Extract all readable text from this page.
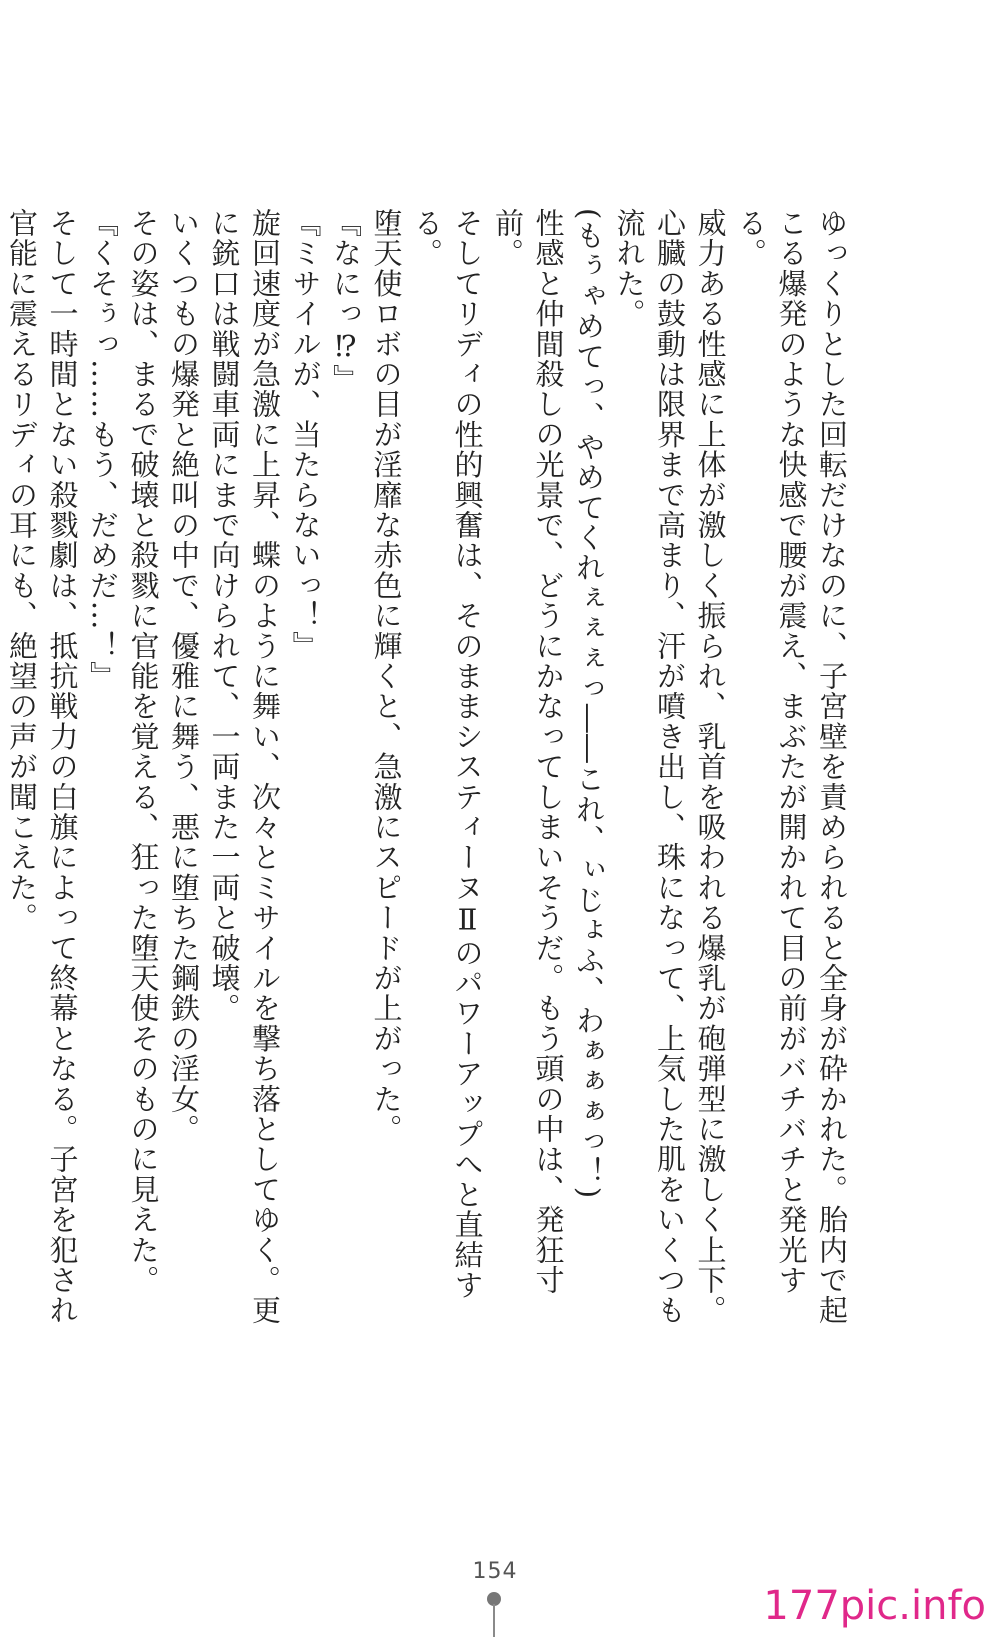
ゆっくりとした回転だけなのに、子宮壁を責められると全身が砕かれた。胎内で起こる爆発のような快感で腰が震え、まぶたが開かれて目の前がバチバチと発光する。

威力ある性感に上体が激しく振られ、乳首を吸われる爆乳が砲弾型に激しく上下。心臓の鼓動は限界まで高まり、汗が噴き出し、珠になって、上気した肌をいくつも流れた。

(もぅゃめてっ、やめてくれぇぇぇっ――これ、ぃじょふ、わぁぁぁっ！)

性感と仲間殺しの光景で、どうにかなってしまいそうだ。もう頭の中は、発狂寸前。

そしてリディの性的興奮は、そのままシスティーヌⅡのパワーアップへと直結する。

堕天使ロボの目が淫靡な赤色に輝くと、急激にスピードが上がった。

『なにっ⁉』

『ミサイルが、当たらないっ！』

旋回速度が急激に上昇、蝶のように舞い、次々とミサイルを撃ち落としてゆく。更に銃口は戦闘車両にまで向けられて、一両また一両と破壊。

いくつもの爆発と絶叫の中で、優雅に舞う、悪に堕ちた鋼鉄の淫女。

その姿は、まるで破壊と殺戮に官能を覚える、狂った堕天使そのものに見えた。

『くそぅっ……もう、だめだ…！』

そして一時間とない殺戮劇は、抵抗戦力の白旗によって終幕となる。子宮を犯され官能に震えるリディの耳にも、絶望の声が聞こえた。

154
177pic.info
